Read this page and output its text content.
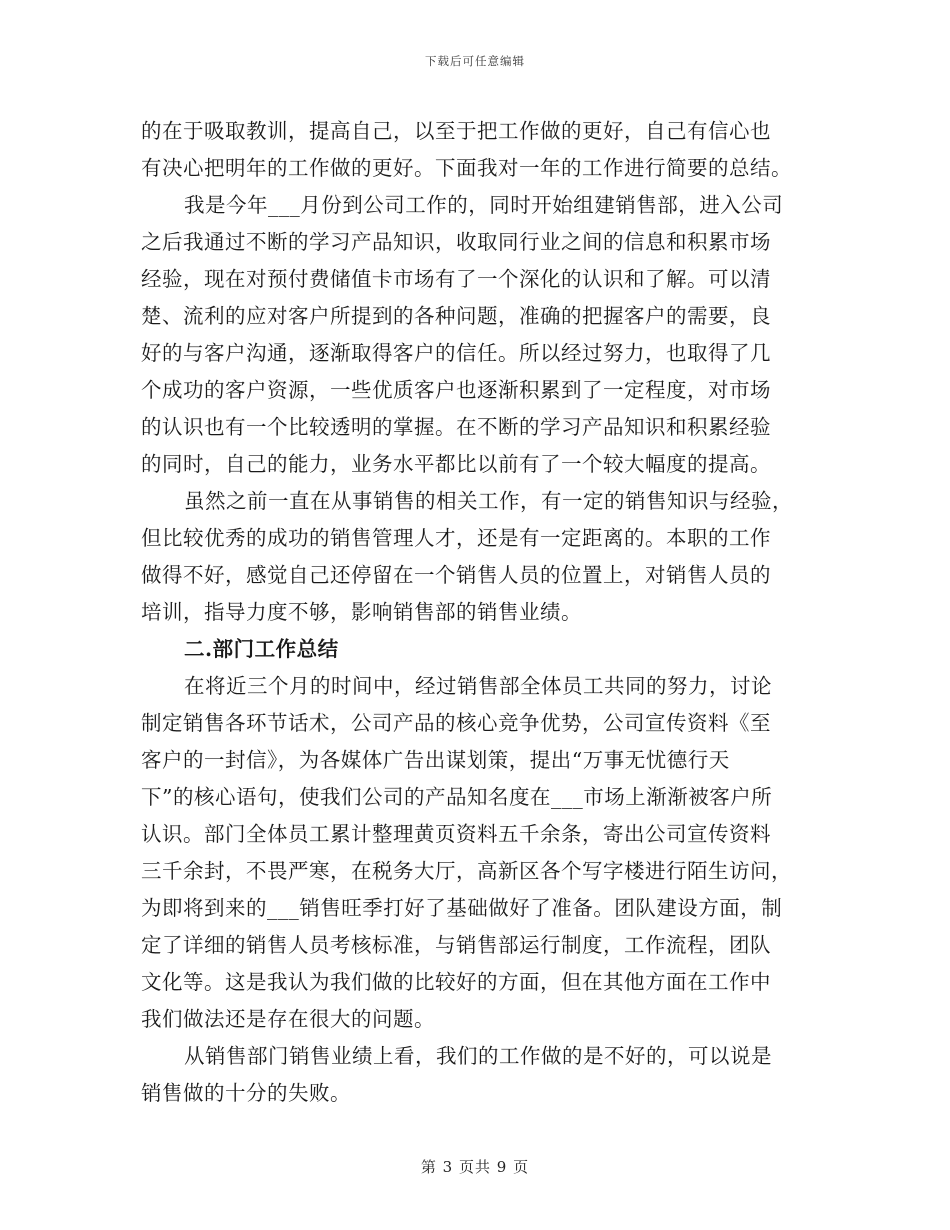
下载后可任意编辑
的在于吸取教训，提高自己，以至于把工作做的更好，自己有信心也
有决心把明年的工作做的更好。下面我对一年的工作进行简要的总结。
我是今年___月份到公司工作的，同时开始组建销售部，进入公司
之后我通过不断的学习产品知识，收取同行业之间的信息和积累市场
经验，现在对预付费储值卡市场有了一个深化的认识和了解。可以清
楚、流利的应对客户所提到的各种问题，准确的把握客户的需要，良
好的与客户沟通，逐渐取得客户的信任。所以经过努力，也取得了几
个成功的客户资源，一些优质客户也逐渐积累到了一定程度，对市场
的认识也有一个比较透明的掌握。在不断的学习产品知识和积累经验
的同时，自己的能力，业务水平都比以前有了一个较大幅度的提高。
虽然之前一直在从事销售的相关工作，有一定的销售知识与经验，
但比较优秀的成功的销售管理人才，还是有一定距离的。本职的工作
做得不好，感觉自己还停留在一个销售人员的位置上，对销售人员的
培训，指导力度不够，影响销售部的销售业绩。
二.部门工作总结
在将近三个月的时间中，经过销售部全体员工共同的努力，讨论
制定销售各环节话术，公司产品的核心竞争优势，公司宣传资料《至
客户的一封信》，为各媒体广告出谋划策，提出“万事无忧德行天
下”的核心语句，使我们公司的产品知名度在___市场上渐渐被客户所
认识。部门全体员工累计整理黄页资料五千余条，寄出公司宣传资料
三千余封，不畏严寒，在税务大厅，高新区各个写字楼进行陌生访问，
为即将到来的___销售旺季打好了基础做好了准备。团队建设方面，制
定了详细的销售人员考核标准，与销售部运行制度，工作流程，团队
文化等。这是我认为我们做的比较好的方面，但在其他方面在工作中
我们做法还是存在很大的问题。
从销售部门销售业绩上看，我们的工作做的是不好的，可以说是
销售做的十分的失败。
第 3 页共 9 页
